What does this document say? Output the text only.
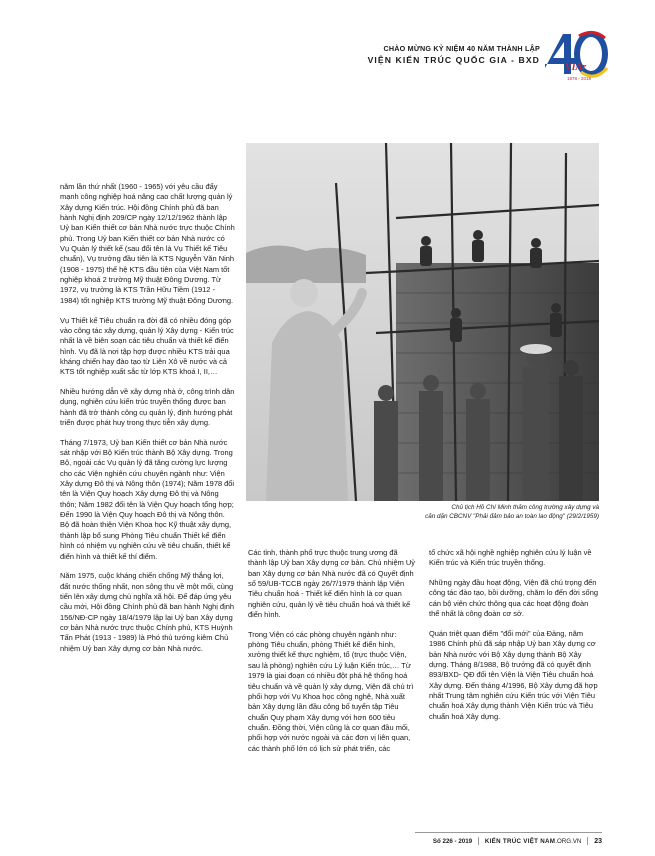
CHÀO MỪNG KỶ NIỆM 40 NĂM THÀNH LẬP
VIỆN KIẾN TRÚC QUỐC GIA - BXD
VIAr
1978 - 2018

năm lần thứ nhất (1960 - 1965) với yêu cầu đẩy mạnh công nghiệp hoá nâng cao chất lượng quản lý Xây dựng Kiến trúc. Hội đồng Chính phủ đã ban hành Nghị định 209/CP ngày 12/12/1962 thành lập Uỷ ban Kiến thiết cơ bản Nhà nước trực thuộc Chính phủ. Trong Uỷ ban Kiến thiết cơ bản Nhà nước có Vụ Quản lý thiết kế (sau đổi tên là Vụ Thiết kế Tiêu chuẩn), Vụ trưởng đầu tiên là KTS Nguyễn Văn Ninh (1908 - 1975) thế hệ KTS đầu tiên của Việt Nam tốt nghiệp khoá 2 trường Mỹ thuật Đông Dương. Từ 1972, vụ trưởng là KTS Trần Hữu Tiềm (1912 - 1984) tốt nghiệp KTS trường Mỹ thuật Đông Dương.

Vụ Thiết kế Tiêu chuẩn ra đời đã có nhiều đóng góp vào công tác xây dựng, quản lý Xây dựng - Kiến trúc nhất là về biên soạn các tiêu chuẩn và thiết kế điển hình. Vụ đã là nơi tập hợp được nhiều KTS trải qua kháng chiến hay đào tạo từ Liên Xô về nước và cả KTS tốt nghiệp xuất sắc từ lớp KTS khoá I, II,…

Nhiều hướng dẫn về xây dựng nhà ở, công trình dân dụng, nghiên cứu kiến trúc truyền thống được ban hành đã trở thành công cụ quản lý, định hướng phát triển được phát huy trong thực tiễn xây dựng.

Tháng 7/1973, Uỷ ban Kiến thiết cơ bản Nhà nước sát nhập với Bộ Kiến trúc thành Bộ Xây dựng. Trong Bộ, ngoài các Vụ quản lý đã tăng cường lực lượng cho các Viện nghiên cứu chuyên ngành như: Viện Xây dựng Đô thị và Nông thôn (1974); Năm 1978 đổi tên là Viện Quy hoạch Xây dựng Đô thị và Nông thôn; Năm 1982 đổi tên là Viện Quy hoạch tổng hợp; Đến 1990 là Viện Quy hoạch Đô thị và Nông thôn. Bộ đã hoàn thiện Viện Khoa học Kỹ thuật xây dựng, thành lập bổ sung Phòng Tiêu chuẩn Thiết kế điển hình có nhiệm vụ nghiên cứu về tiêu chuẩn, thiết kế điển hình và thiết kế thí điểm.

Năm 1975, cuộc kháng chiến chống Mỹ thắng lợi, đất nước thống nhất, non sông thu về một mối, cùng tiến lên xây dựng chủ nghĩa xã hội. Để đáp ứng yêu cầu mới, Hội đồng Chính phủ đã ban hành Nghị định 156/NĐ-CP ngày 18/4/1979 lập lại Uỷ ban Xây dựng cơ bản Nhà nước trực thuộc Chính phủ, KTS Huỳnh Tấn Phát (1913 - 1989) là Phó thủ tướng kiêm Chủ nhiệm Uỷ ban Xây dựng cơ bản Nhà nước.

Chủ tịch Hồ Chí Minh thăm công trường xây dựng và
căn dặn CBCNV "Phải đảm bảo an toàn lao động" (29/2/1959)

Các tỉnh, thành phố trực thuộc trung ương đã thành lập Uỷ ban Xây dựng cơ bản. Chủ nhiệm Uỷ ban Xây dựng cơ bản Nhà nước đã có Quyết định số 59/UB-TCCB ngày 26/7/1979 thành lập Viện Tiêu chuẩn hoá - Thiết kế điển hình là cơ quan nghiên cứu, quản lý về tiêu chuẩn hoá và thiết kế điển hình.

Trong Viện có các phòng chuyên ngành như: phòng Tiêu chuẩn, phòng Thiết kế điển hình, xưởng thiết kế thực nghiệm, tổ (trực thuộc Viện, sau là phòng) nghiên cứu Lý luận Kiến trúc,… Từ 1979 là giai đoạn có nhiều đột phá hệ thống hoá tiêu chuẩn và về quản lý xây dựng, Viện đã chủ trì phối hợp với Vụ Khoa học công nghệ, Nhà xuất bản Xây dựng lần đầu công bố tuyển tập Tiêu chuẩn Quy phạm Xây dựng với hơn 600 tiêu chuẩn. Đồng thời, Viện cũng là cơ quan đầu mối, phối hợp với nước ngoài và các đơn vị liên quan, các thành phố lớn có lịch sử phát triển, các

tổ chức xã hội nghề nghiệp nghiên cứu lý luận về Kiến trúc và Kiến trúc truyền thống.

Những ngày đầu hoạt động, Viện đã chú trọng đến công tác đào tạo, bồi dưỡng, chăm lo đến đời sống cán bộ viên chức thông qua các hoạt động đoàn thể nhất là công đoàn cơ sở.

Quán triệt quan điểm "đổi mới" của Đảng, năm 1986 Chính phủ đã sáp nhập Uỷ ban Xây dựng cơ bản Nhà nước với Bộ Xây dựng thành Bộ Xây dựng. Tháng 8/1988, Bộ trưởng đã có quyết định 893/BXD- QĐ đổi tên Viện là Viện Tiêu chuẩn hoá Xây dựng. Đến tháng 4/1996, Bộ Xây dựng đã hợp nhất Trung tâm nghiên cứu Kiến trúc với Viện Tiêu chuẩn hoá Xây dựng thành Viện Kiến trúc và Tiêu chuẩn hoá Xây dựng.

Số 226 - 2019 KIẾN TRÚC VIỆT NAM.ORG.VN 23
